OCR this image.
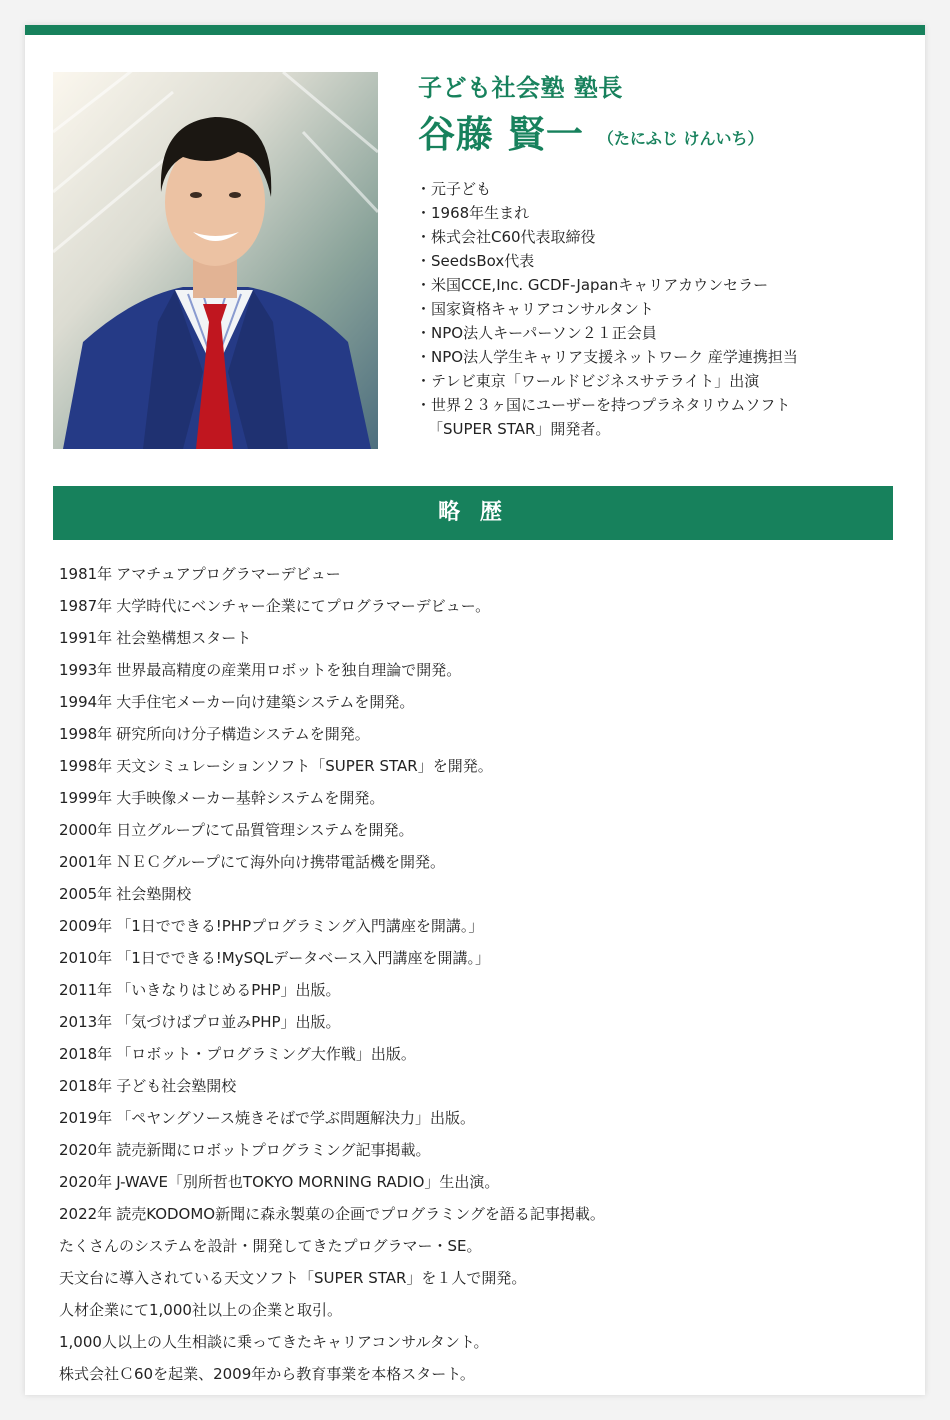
子ども社会塾 塾長
谷藤 賢一 （たにふじ けんいち）
・ 元子ども
・ 1968年生まれ
・ 株式会社C60代表取締役
・ SeedsBox代表
・ 米国CCE,Inc. GCDF-Japanキャリアカウンセラー
・ 国家資格キャリアコンサルタント
・ NPO法人キーパーソン２１正会員
・ NPO法人学生キャリア支援ネットワーク 産学連携担当
・ テレビ東京「ワールドビジネスサテライト」出演
・ 世界２３ヶ国にユーザーを持つプラネタリウムソフト
「SUPER STAR」開発者。
略 歴
1981年 アマチュアプログラマーデビュー
1987年 大学時代にベンチャー企業にてプログラマーデビュー。
1991年 社会塾構想スタート
1993年 世界最高精度の産業用ロボットを独自理論で開発。
1994年 大手住宅メーカー向け建築システムを開発。
1998年 研究所向け分子構造システムを開発。
1998年 天文シミュレーションソフト「SUPER STAR」を開発。
1999年 大手映像メーカー基幹システムを開発。
2000年 日立グループにて品質管理システムを開発。
2001年 ＮＥＣグループにて海外向け携帯電話機を開発。
2005年 社会塾開校
2009年 「1日でできる!PHPプログラミング入門講座を開講。」
2010年 「1日でできる!MySQLデータベース入門講座を開講。」
2011年 「いきなりはじめるPHP」出版。
2013年 「気づけばプロ並みPHP」出版。
2018年 「ロボット・プログラミング大作戦」出版。
2018年 子ども社会塾開校
2019年 「ペヤングソース焼きそばで学ぶ問題解決力」出版。
2020年 読売新聞にロボットプログラミング記事掲載。
2020年 J-WAVE「別所哲也TOKYO MORNING RADIO」生出演。
2022年 読売KODOMO新聞に森永製菓の企画でプログラミングを語る記事掲載。
たくさんのシステムを設計・開発してきたプログラマー・SE。
天文台に導入されている天文ソフト「SUPER STAR」を１人で開発。
人材企業にて1,000社以上の企業と取引。
1,000人以上の人生相談に乗ってきたキャリアコンサルタント。
株式会社Ｃ60を起業、2009年から教育事業を本格スタート。
